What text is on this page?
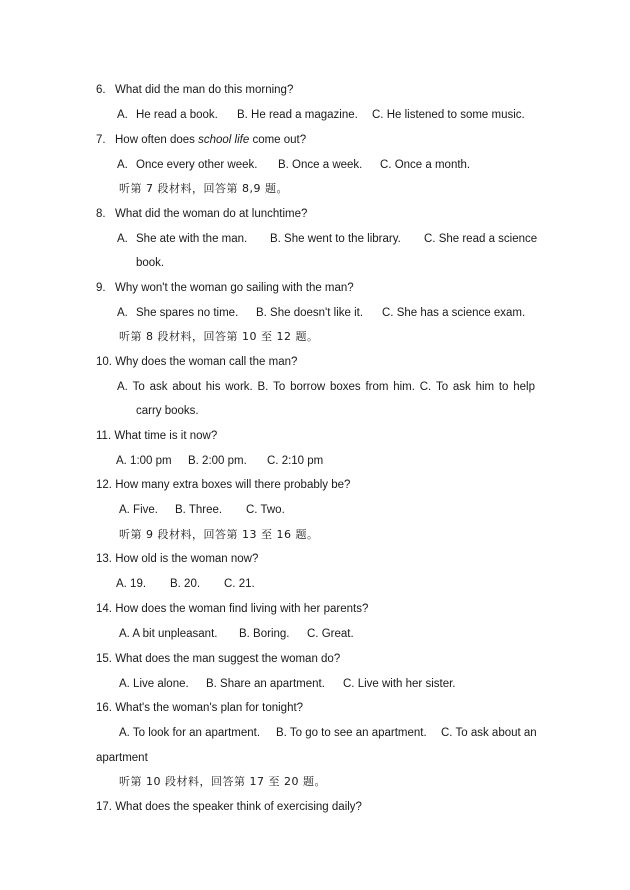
6. What did the man do this morning?
A. He read a book. B. He read a magazine. C. He listened to some music.
7. How often does school life come out?
A. Once every other week. B. Once a week. C. Once a month.
听第 7 段材料，回答第 8,9 题。
8. What did the woman do at lunchtime?
A. She ate with the man. B. She went to the library. C. She read a science
book.
9. Why won't the woman go sailing with the man?
A. She spares no time. B. She doesn't like it. C. She has a science exam.
听第 8 段材料，回答第 10 至 12 题。
10. Why does the woman call the man?
A. To ask about his work. B. To borrow boxes from him. C. To ask him to help
carry books.
11. What time is it now?
A. 1:00 pm B. 2:00 pm. C. 2:10 pm
12. How many extra boxes will there probably be?
A. Five. B. Three. C. Two.
听第 9 段材料，回答第 13 至 16 题。
13. How old is the woman now?
A. 19. B. 20. C. 21.
14. How does the woman find living with her parents?
A. A bit unpleasant. B. Boring. C. Great.
15. What does the man suggest the woman do?
A. Live alone. B. Share an apartment. C. Live with her sister.
16. What's the woman's plan for tonight?
A. To look for an apartment. B. To go to see an apartment. C. To ask about an
apartment
听第 10 段材料，回答第 17 至 20 题。
17. What does the speaker think of exercising daily?
